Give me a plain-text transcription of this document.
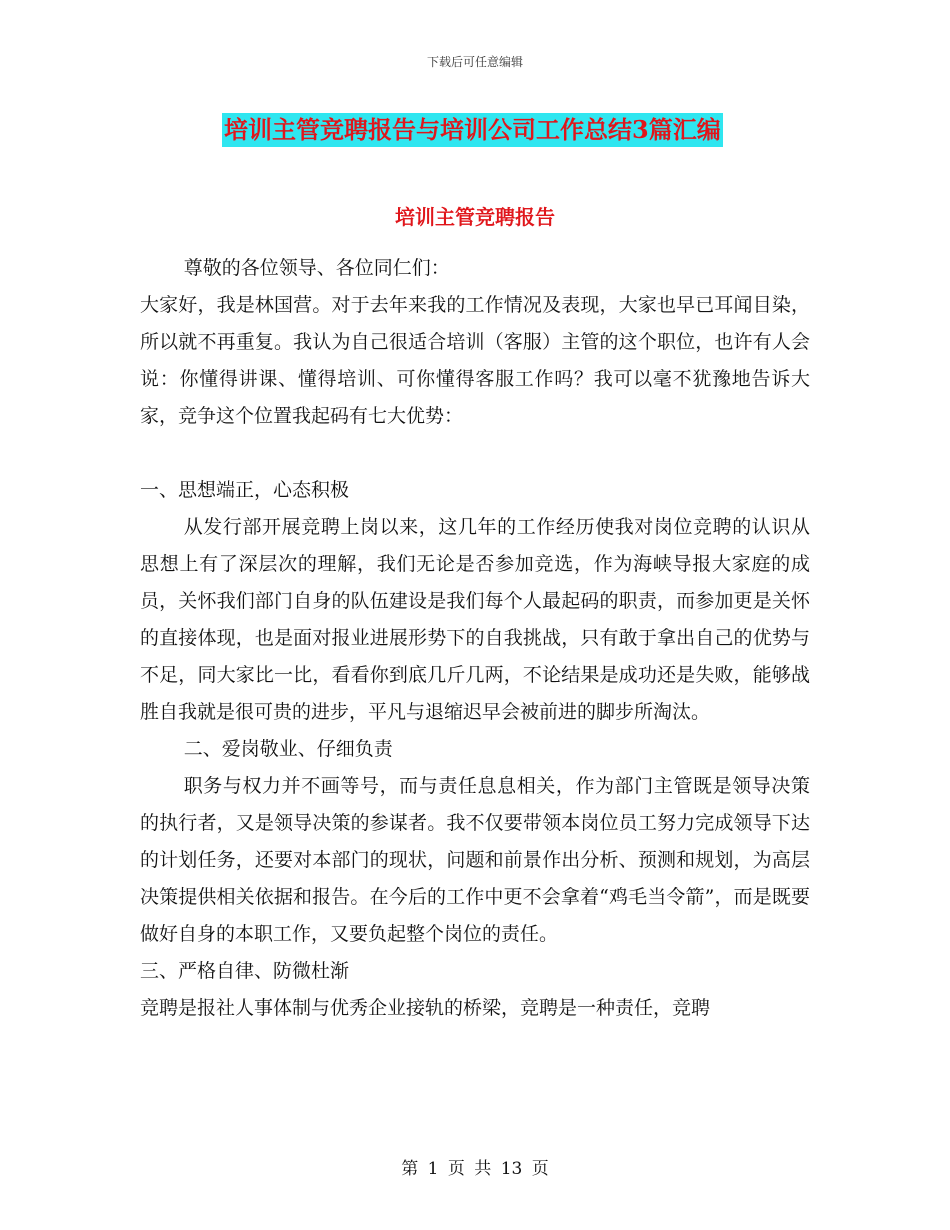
下载后可任意编辑
培训主管竞聘报告与培训公司工作总结3篇汇编
培训主管竞聘报告

尊敬的各位领导、各位同仁们：

大家好，我是林国营。对于去年来我的工作情况及表现，大家也早已耳闻目染，所以就不再重复。我认为自己很适合培训（客服）主管的这个职位，也许有人会说：你懂得讲课、懂得培训、可你懂得客服工作吗？我可以毫不犹豫地告诉大家，竞争这个位置我起码有七大优势：

一、思想端正，心态积极

从发行部开展竞聘上岗以来，这几年的工作经历使我对岗位竞聘的认识从思想上有了深层次的理解，我们无论是否参加竞选，作为海峡导报大家庭的成员，关怀我们部门自身的队伍建设是我们每个人最起码的职责，而参加更是关怀的直接体现，也是面对报业进展形势下的自我挑战，只有敢于拿出自己的优势与不足，同大家比一比，看看你到底几斤几两，不论结果是成功还是失败，能够战胜自我就是很可贵的进步，平凡与退缩迟早会被前进的脚步所淘汰。

二、爱岗敬业、仔细负责

职务与权力并不画等号，而与责任息息相关，作为部门主管既是领导决策的执行者，又是领导决策的参谋者。我不仅要带领本岗位员工努力完成领导下达的计划任务，还要对本部门的现状，问题和前景作出分析、预测和规划，为高层决策提供相关依据和报告。在今后的工作中更不会拿着“鸡毛当令箭”，而是既要做好自身的本职工作，又要负起整个岗位的责任。

三、严格自律、防微杜渐

竞聘是报社人事体制与优秀企业接轨的桥梁，竞聘是一种责任，竞聘

第 1 页 共 13 页
